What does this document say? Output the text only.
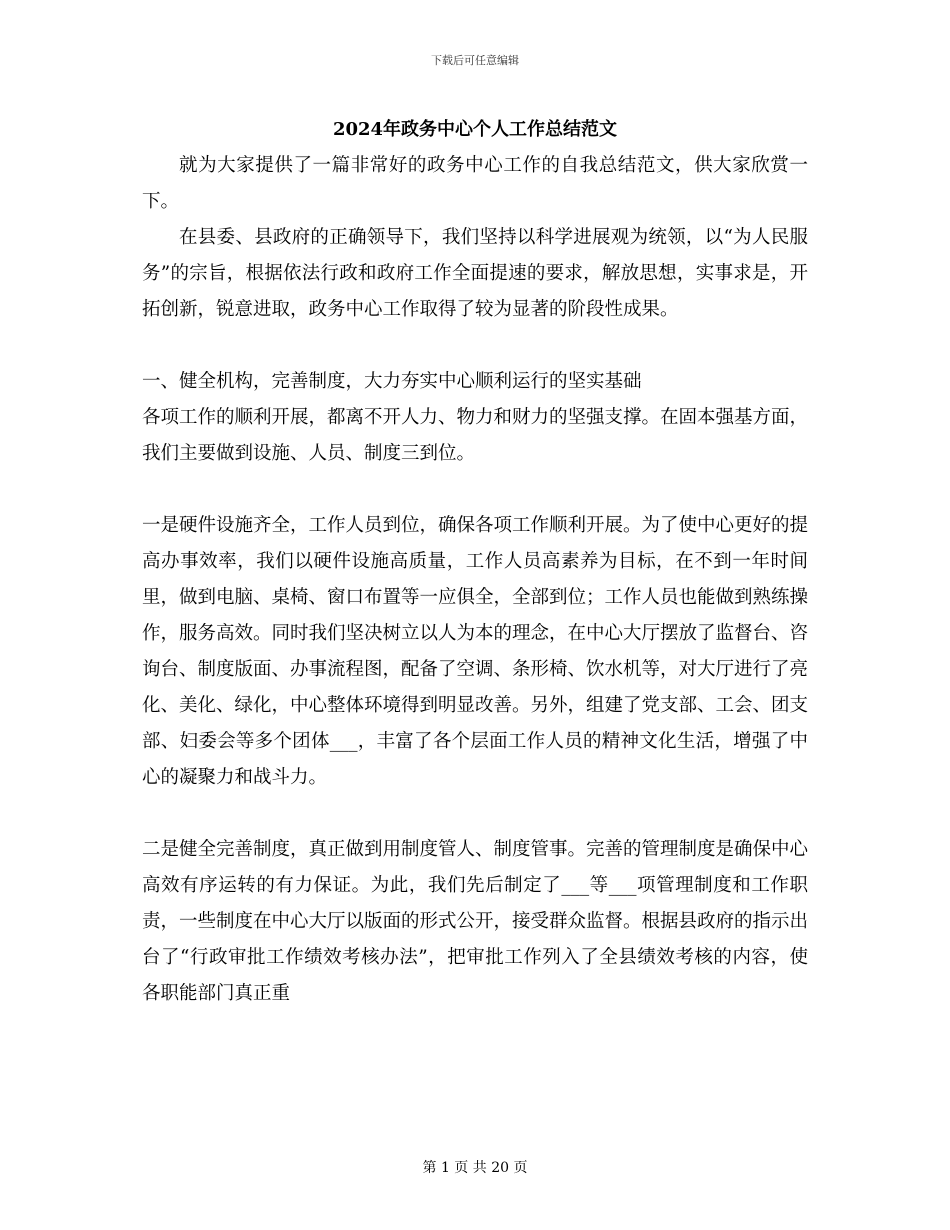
下载后可任意编辑
2024年政务中心个人工作总结范文

就为大家提供了一篇非常好的政务中心工作的自我总结范文，供大家欣赏一下。

在县委、县政府的正确领导下，我们坚持以科学进展观为统领，以“为人民服务”的宗旨，根据依法行政和政府工作全面提速的要求，解放思想，实事求是，开拓创新，锐意进取，政务中心工作取得了较为显著的阶段性成果。

一、健全机构，完善制度，大力夯实中心顺利运行的坚实基础

各项工作的顺利开展，都离不开人力、物力和财力的坚强支撑。在固本强基方面，我们主要做到设施、人员、制度三到位。

一是硬件设施齐全，工作人员到位，确保各项工作顺利开展。为了使中心更好的提高办事效率，我们以硬件设施高质量，工作人员高素养为目标，在不到一年时间里，做到电脑、桌椅、窗口布置等一应俱全，全部到位；工作人员也能做到熟练操作，服务高效。同时我们坚决树立以人为本的理念，在中心大厅摆放了监督台、咨询台、制度版面、办事流程图，配备了空调、条形椅、饮水机等，对大厅进行了亮化、美化、绿化，中心整体环境得到明显改善。另外，组建了党支部、工会、团支部、妇委会等多个团体___，丰富了各个层面工作人员的精神文化生活，增强了中心的凝聚力和战斗力。

二是健全完善制度，真正做到用制度管人、制度管事。完善的管理制度是确保中心高效有序运转的有力保证。为此，我们先后制定了___等___项管理制度和工作职责，一些制度在中心大厅以版面的形式公开，接受群众监督。根据县政府的指示出台了“行政审批工作绩效考核办法”，把审批工作列入了全县绩效考核的内容，使各职能部门真正重

第 1 页 共 20 页
